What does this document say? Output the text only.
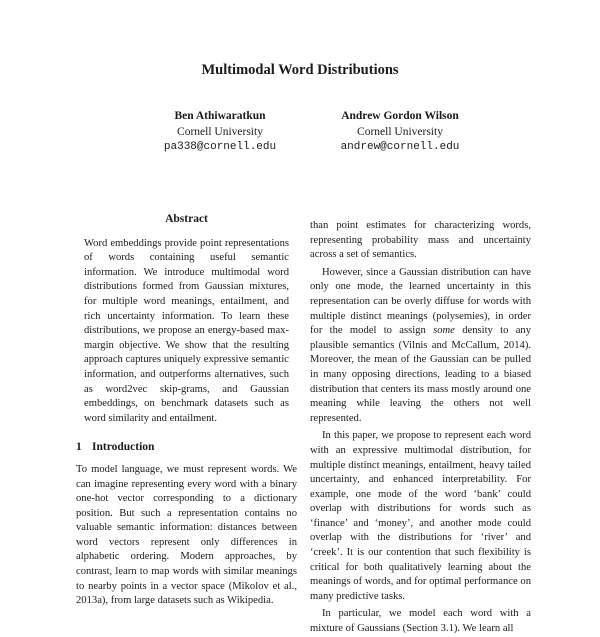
Multimodal Word Distributions
Ben Athiwaratkun
Cornell University
pa338@cornell.edu
Andrew Gordon Wilson
Cornell University
andrew@cornell.edu
Abstract

Word embeddings provide point representations of words containing useful semantic information. We introduce multimodal word distributions formed from Gaussian mixtures, for multiple word meanings, entailment, and rich uncertainty information. To learn these distributions, we propose an energy-based max-margin objective. We show that the resulting approach captures uniquely expressive semantic information, and outperforms alternatives, such as word2vec skip-grams, and Gaussian embeddings, on benchmark datasets such as word similarity and entailment.

1 Introduction

To model language, we must represent words. We can imagine representing every word with a binary one-hot vector corresponding to a dictionary position. But such a representation contains no valuable semantic information: distances between word vectors represent only differences in alphabetic ordering. Modern approaches, by contrast, learn to map words with similar meanings to nearby points in a vector space (Mikolov et al., 2013a), from large datasets such as Wikipedia.

than point estimates for characterizing words, representing probability mass and uncertainty across a set of semantics.

However, since a Gaussian distribution can have only one mode, the learned uncertainty in this representation can be overly diffuse for words with multiple distinct meanings (polysemies), in order for the model to assign some density to any plausible semantics (Vilnis and McCallum, 2014). Moreover, the mean of the Gaussian can be pulled in many opposing directions, leading to a biased distribution that centers its mass mostly around one meaning while leaving the others not well represented.

In this paper, we propose to represent each word with an expressive multimodal distribution, for multiple distinct meanings, entailment, heavy tailed uncertainty, and enhanced interpretability. For example, one mode of the word ‘bank’ could overlap with distributions for words such as ‘finance’ and ‘money’, and another mode could overlap with the distributions for ‘river’ and ‘creek’. It is our contention that such flexibility is critical for both qualitatively learning about the meanings of words, and for optimal performance on many predictive tasks.

In particular, we model each word with a mixture of Gaussians (Section 3.1). We learn all
